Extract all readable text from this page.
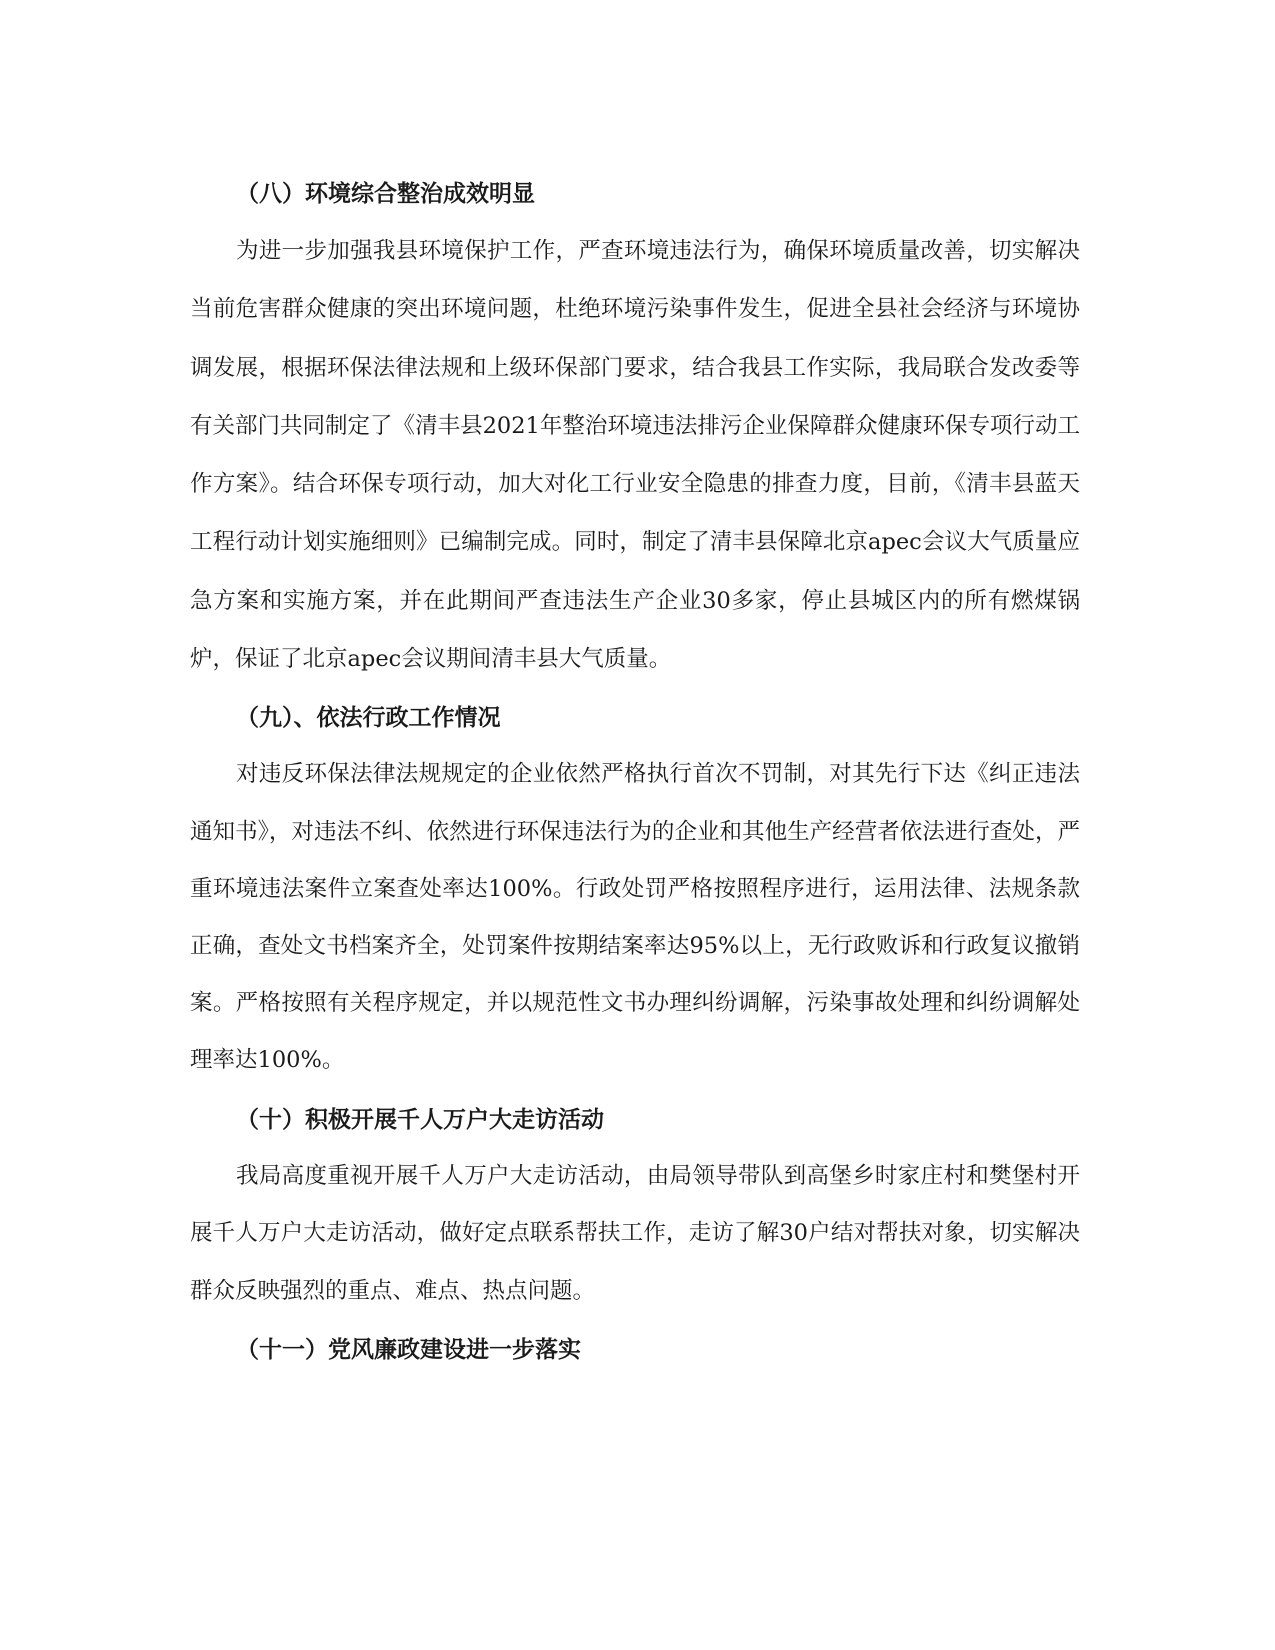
（八）环境综合整治成效明显

为进一步加强我县环境保护工作，严查环境违法行为，确保环境质量改善，切实解决当前危害群众健康的突出环境问题，杜绝环境污染事件发生，促进全县社会经济与环境协调发展，根据环保法律法规和上级环保部门要求，结合我县工作实际，我局联合发改委等有关部门共同制定了《清丰县2021年整治环境违法排污企业保障群众健康环保专项行动工作方案》。结合环保专项行动，加大对化工行业安全隐患的排查力度，目前，《清丰县蓝天工程行动计划实施细则》已编制完成。同时，制定了清丰县保障北京apec会议大气质量应急方案和实施方案，并在此期间严查违法生产企业30多家，停止县城区内的所有燃煤锅炉，保证了北京apec会议期间清丰县大气质量。

（九）、依法行政工作情况

对违反环保法律法规规定的企业依然严格执行首次不罚制，对其先行下达《纠正违法通知书》，对违法不纠、依然进行环保违法行为的企业和其他生产经营者依法进行查处，严重环境违法案件立案查处率达100%。行政处罚严格按照程序进行，运用法律、法规条款正确，查处文书档案齐全，处罚案件按期结案率达95%以上，无行政败诉和行政复议撤销案。严格按照有关程序规定，并以规范性文书办理纠纷调解，污染事故处理和纠纷调解处理率达100%。

（十）积极开展千人万户大走访活动

我局高度重视开展千人万户大走访活动，由局领导带队到高堡乡时家庄村和樊堡村开展千人万户大走访活动，做好定点联系帮扶工作，走访了解30户结对帮扶对象，切实解决群众反映强烈的重点、难点、热点问题。

（十一）党风廉政建设进一步落实
